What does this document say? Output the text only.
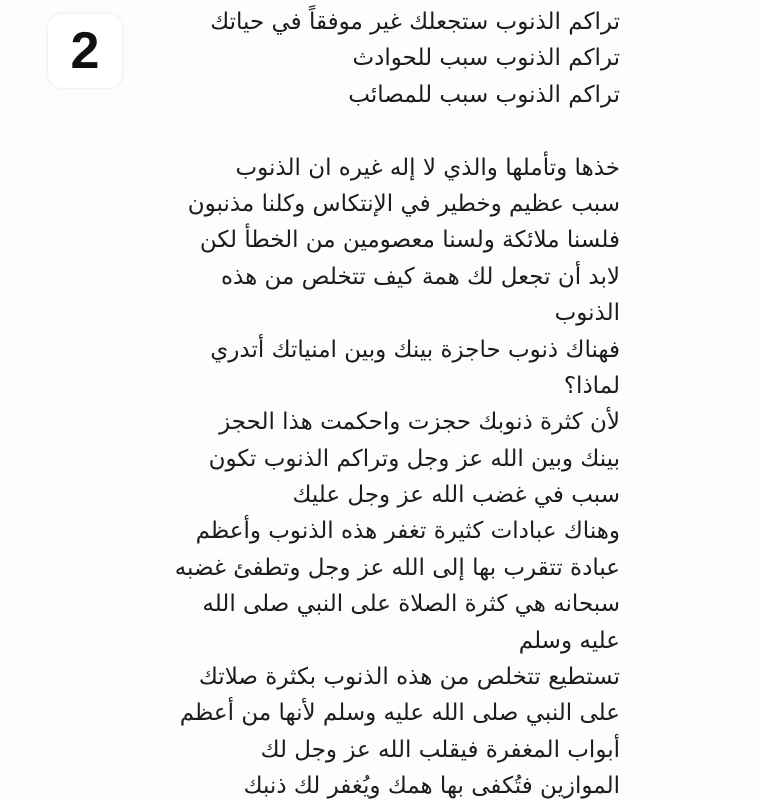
2	تراكم الذنوب ستجعلك غير موفقاً في حياتك
تراكم الذنوب سبب للحوادث
تراكم الذنوب سبب للمصائب
خذها وتأملها والذي لا إله غيره ان الذنوب
سبب عظيم وخطير في الإنتكاس وكلنا مذنبون
فلسنا ملائكة ولسنا معصومين من الخطأ لكن
لابد أن تجعل لك همة كيف تتخلص من هذه
الذنوب
فهناك ذنوب حاجزة بينك وبين امنياتك أتدري
لماذا؟
لأن كثرة ذنوبك حجزت واحكمت هذا الحجز
بينك وبين الله عز وجل وتراكم الذنوب تكون
سبب في غضب الله عز وجل عليك
وهناك عبادات كثيرة تغفر هذه الذنوب وأعظم
عبادة تتقرب بها إلى الله عز وجل وتطفئ غضبه
سبحانه هي كثرة الصلاة على النبي صلى الله
عليه وسلم
تستطيع تتخلص من هذه الذنوب بكثرة صلاتك
على النبي صلى الله عليه وسلم لأنها من أعظم
أبواب المغفرة فيقلب الله عز وجل لك
الموازين فتُكفى بها همك ويُغفر لك ذنبك
